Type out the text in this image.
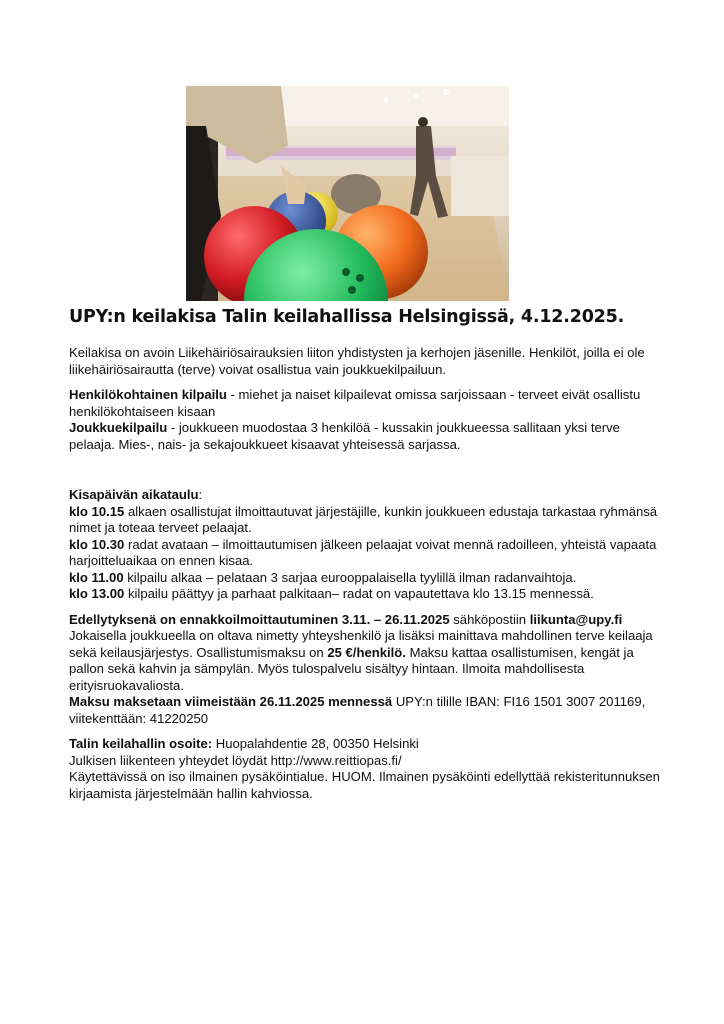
UPY:n keilakisa Talin keilahallissa Helsingissä, 4.12.2025.

Keilakisa on avoin Liikehäiriösairauksien liiton yhdistysten ja kerhojen jäsenille. Henkilöt, joilla ei ole liikehäiriösairautta (terve) voivat osallistua vain joukkuekilpailuun.

Henkilökohtainen kilpailu - miehet ja naiset kilpailevat omissa sarjoissaan - terveet eivät osallistu henkilökohtaiseen kisaan

Joukkuekilpailu - joukkueen muodostaa 3 henkilöä - kussakin joukkueessa sallitaan yksi terve pelaaja. Mies-, nais- ja sekajoukkueet kisaavat yhteisessä sarjassa.

Kisapäivän aikataulu:

klo 10.15 alkaen osallistujat ilmoittautuvat järjestäjille, kunkin joukkueen edustaja tarkastaa ryhmänsä nimet ja toteaa terveet pelaajat.

klo 10.30 radat avataan – ilmoittautumisen jälkeen pelaajat voivat mennä radoilleen, yhteistä vapaata harjoitteluaikaa on ennen kisaa.

klo 11.00 kilpailu alkaa – pelataan 3 sarjaa eurooppalaisella tyylillä ilman radanvaihtoja.

klo 13.00 kilpailu päättyy ja parhaat palkitaan– radat on vapautettava klo 13.15 mennessä.

Edellytyksenä on ennakkoilmoittautuminen 3.11. – 26.11.2025 sähköpostiin liikunta@upy.fi
Jokaisella joukkueella on oltava nimetty yhteyshenkilö ja lisäksi mainittava mahdollinen terve keilaaja sekä keilausjärjestys. Osallistumismaksu on 25 €/henkilö. Maksu kattaa osallistumisen, kengät ja pallon sekä kahvin ja sämpylän. Myös tulospalvelu sisältyy hintaan. Ilmoita mahdollisesta erityisruokavaliosta.

Maksu maksetaan viimeistään 26.11.2025 mennessä UPY:n tilille IBAN: FI16 1501 3007 201169, viitekenttään: 41220250

Talin keilahallin osoite: Huopalahdentie 28, 00350 Helsinki

Julkisen liikenteen yhteydet löydät http://www.reittiopas.fi/

Käytettävissä on iso ilmainen pysäköintialue. HUOM. Ilmainen pysäköinti edellyttää rekisteritunnuksen kirjaamista järjestelmään hallin kahviossa.
